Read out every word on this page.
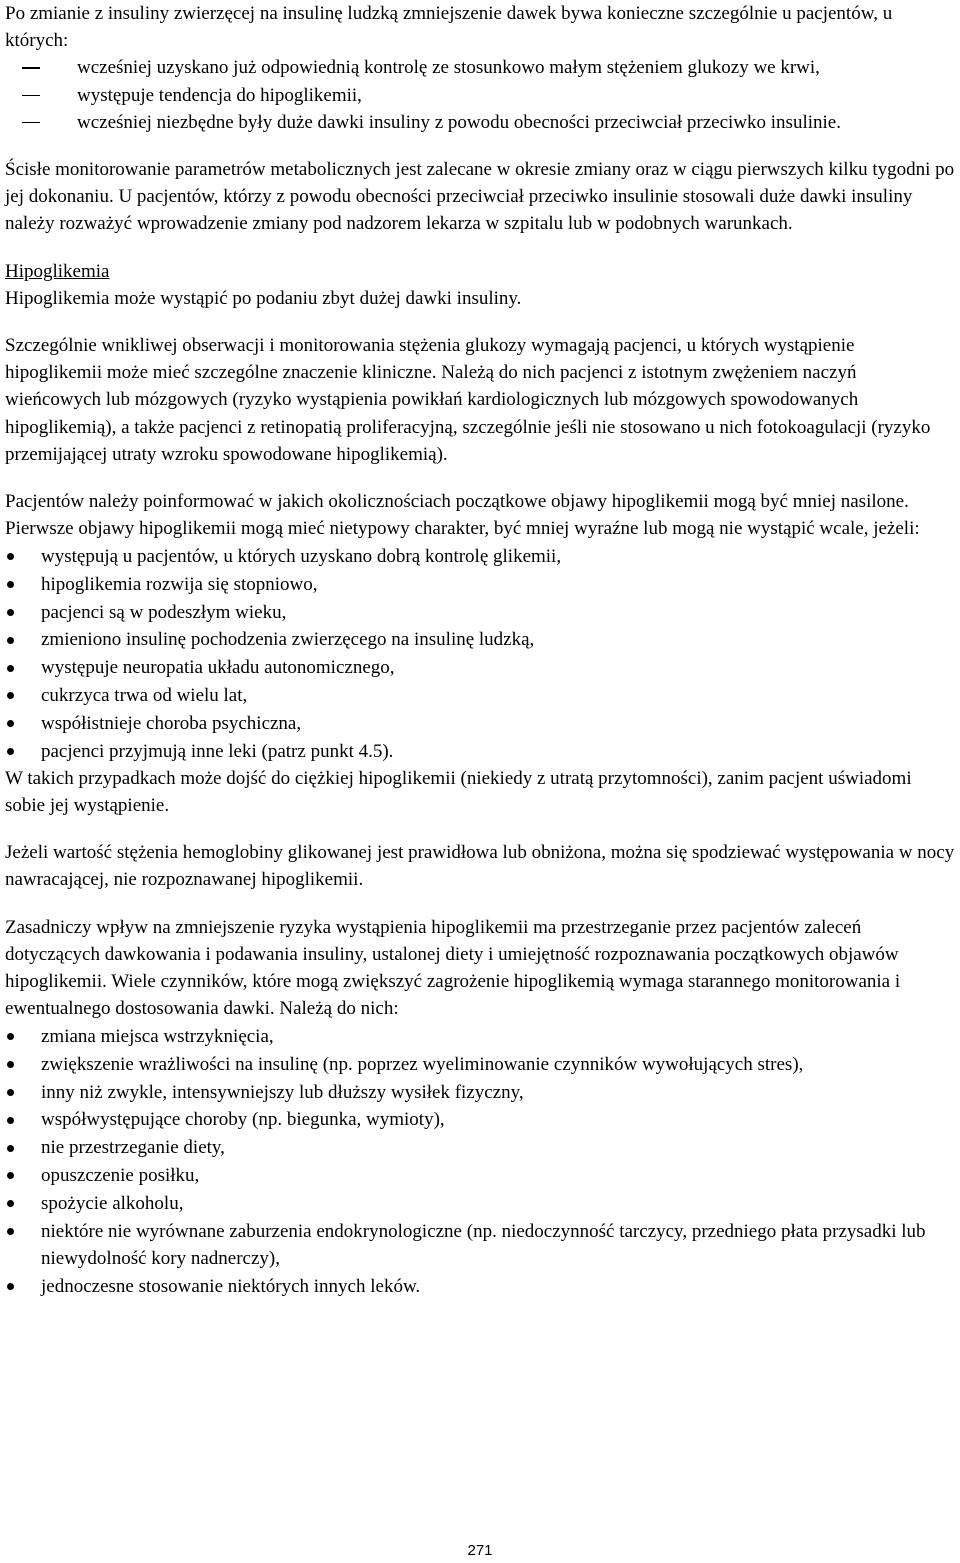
Po zmianie z insuliny zwierzęcej na insulinę ludzką zmniejszenie dawek bywa konieczne szczególnie u pacjentów, u których:

wcześniej uzyskano już odpowiednią kontrolę ze stosunkowo małym stężeniem glukozy we krwi,
występuje tendencja do hipoglikemii,
wcześniej niezbędne były duże dawki insuliny z powodu obecności przeciwciał przeciwko insulinie.

Ścisłe monitorowanie parametrów metabolicznych jest zalecane w okresie zmiany oraz w ciągu pierwszych kilku tygodni po jej dokonaniu. U pacjentów, którzy z powodu obecności przeciwciał przeciwko insulinie stosowali duże dawki insuliny należy rozważyć wprowadzenie zmiany pod nadzorem lekarza w szpitalu lub w podobnych warunkach.

Hipoglikemia

Hipoglikemia może wystąpić po podaniu zbyt dużej dawki insuliny.

Szczególnie wnikliwej obserwacji i monitorowania stężenia glukozy wymagają pacjenci, u których wystąpienie hipoglikemii może mieć szczególne znaczenie kliniczne. Należą do nich pacjenci z istotnym zwężeniem naczyń wieńcowych lub mózgowych (ryzyko wystąpienia powikłań kardiologicznych lub mózgowych spowodowanych hipoglikemią), a także pacjenci z retinopatią proliferacyjną, szczególnie jeśli nie stosowano u nich fotokoagulacji (ryzyko przemijającej utraty wzroku spowodowane hipoglikemią).

Pacjentów należy poinformować w jakich okolicznościach początkowe objawy hipoglikemii mogą być mniej nasilone. Pierwsze objawy hipoglikemii mogą mieć nietypowy charakter, być mniej wyraźne lub mogą nie wystąpić wcale, jeżeli:

występują u pacjentów, u których uzyskano dobrą kontrolę glikemii,
hipoglikemia rozwija się stopniowo,
pacjenci są w podeszłym wieku,
zmieniono insulinę pochodzenia zwierzęcego na insulinę ludzką,
występuje neuropatia układu autonomicznego,
cukrzyca trwa od wielu lat,
współistnieje choroba psychiczna,
pacjenci przyjmują inne leki (patrz punkt 4.5).

W takich przypadkach może dojść do ciężkiej hipoglikemii (niekiedy z utratą przytomności), zanim pacjent uświadomi sobie jej wystąpienie.

Jeżeli wartość stężenia hemoglobiny glikowanej jest prawidłowa lub obniżona, można się spodziewać występowania w nocy nawracającej, nie rozpoznawanej hipoglikemii.

Zasadniczy wpływ na zmniejszenie ryzyka wystąpienia hipoglikemii ma przestrzeganie przez pacjentów zaleceń dotyczących dawkowania i podawania insuliny, ustalonej diety i umiejętność rozpoznawania początkowych objawów hipoglikemii. Wiele czynników, które mogą zwiększyć zagrożenie hipoglikemią wymaga starannego monitorowania i ewentualnego dostosowania dawki. Należą do nich:

zmiana miejsca wstrzyknięcia,
zwiększenie wrażliwości na insulinę (np. poprzez wyeliminowanie czynników wywołujących stres),
inny niż zwykle, intensywniejszy lub dłuższy wysiłek fizyczny,
współwystępujące choroby (np. biegunka, wymioty),
nie przestrzeganie diety,
opuszczenie posiłku,
spożycie alkoholu,
niektóre nie wyrównane zaburzenia endokrynologiczne (np. niedoczynność tarczycy, przedniego płata przysadki lub niewydolność kory nadnerczy),
jednoczesne stosowanie niektórych innych leków.
271
